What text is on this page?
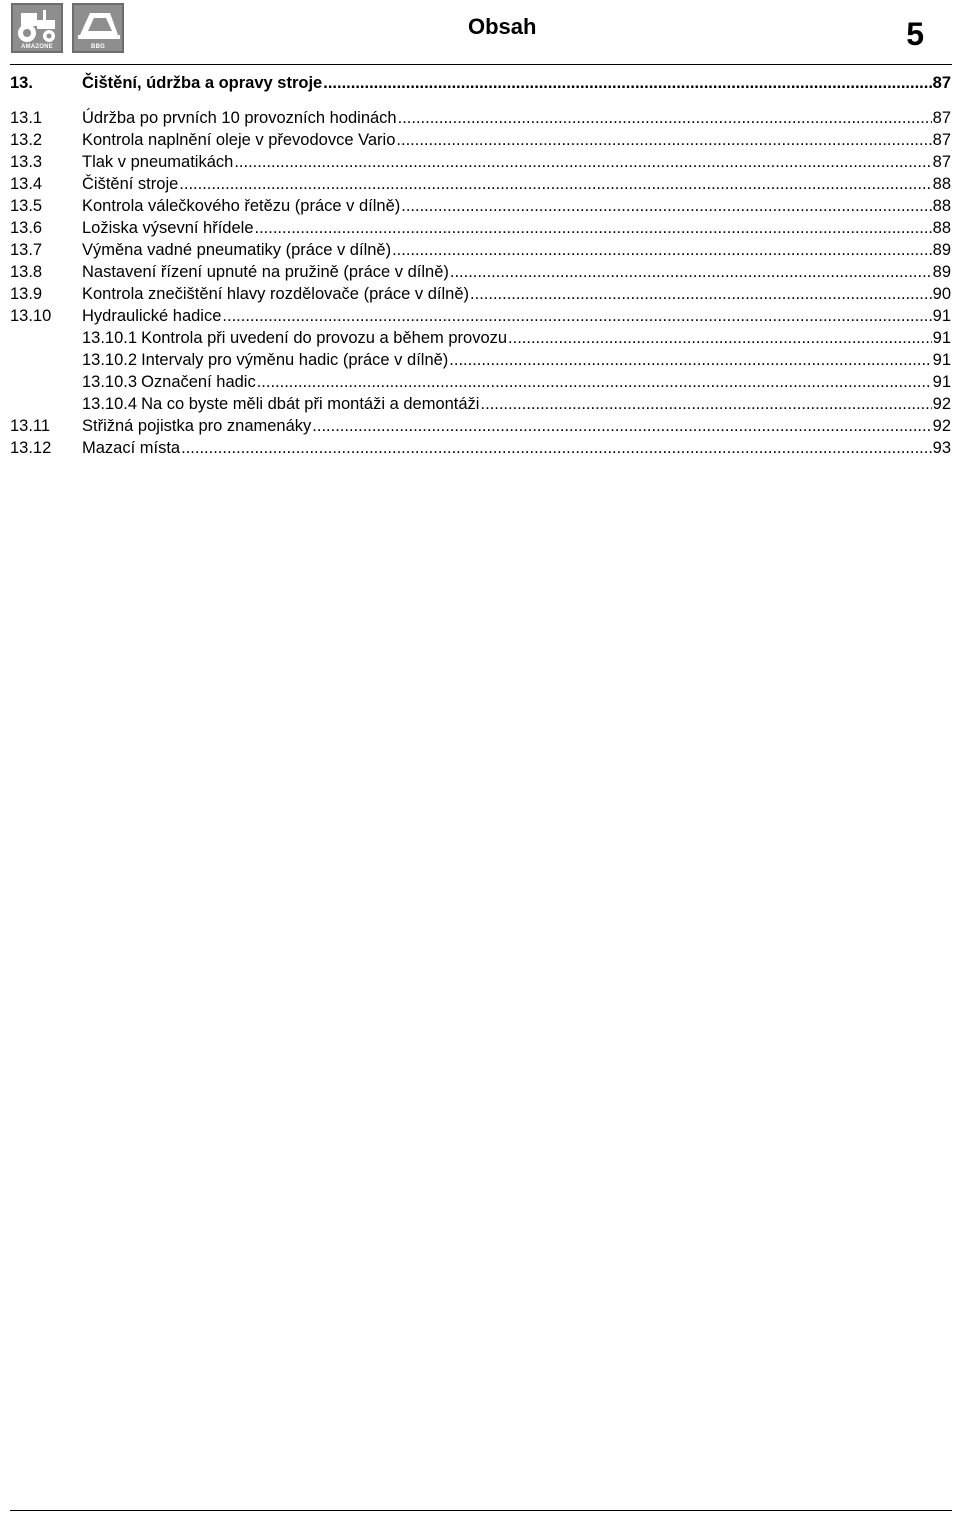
AMAZONE	BBG
Obsah	5
13.	Čištění, údržba a opravy stroje .....	87
13.1	Údržba po prvních 10 provozních hodinách .....	87
13.2	Kontrola naplnění oleje v převodovce Vario .....	87
13.3	Tlak v pneumatikách .....	87
13.4	Čištění stroje .....	88
13.5	Kontrola válečkového řetězu (práce v dílně) .....	88
13.6	Ložiska výsevní hřídele .....	88
13.7	Výměna vadné pneumatiky (práce v dílně) .....	89
13.8	Nastavení řízení upnuté na pružině (práce v dílně) .....	89
13.9	Kontrola znečištění hlavy rozdělovače (práce v dílně) .....	90
13.10	Hydraulické hadice .....	91
13.10.1 Kontrola při uvedení do provozu a během provozu .....	91
13.10.2 Intervaly pro výměnu hadic (práce v dílně) .....	91
13.10.3 Označení hadic .....	91
13.10.4 Na co byste měli dbát při montáži a demontáži .....	92
13.11	Střižná pojistka pro znamenáky .....	92
13.12	Mazací místa .....	93
